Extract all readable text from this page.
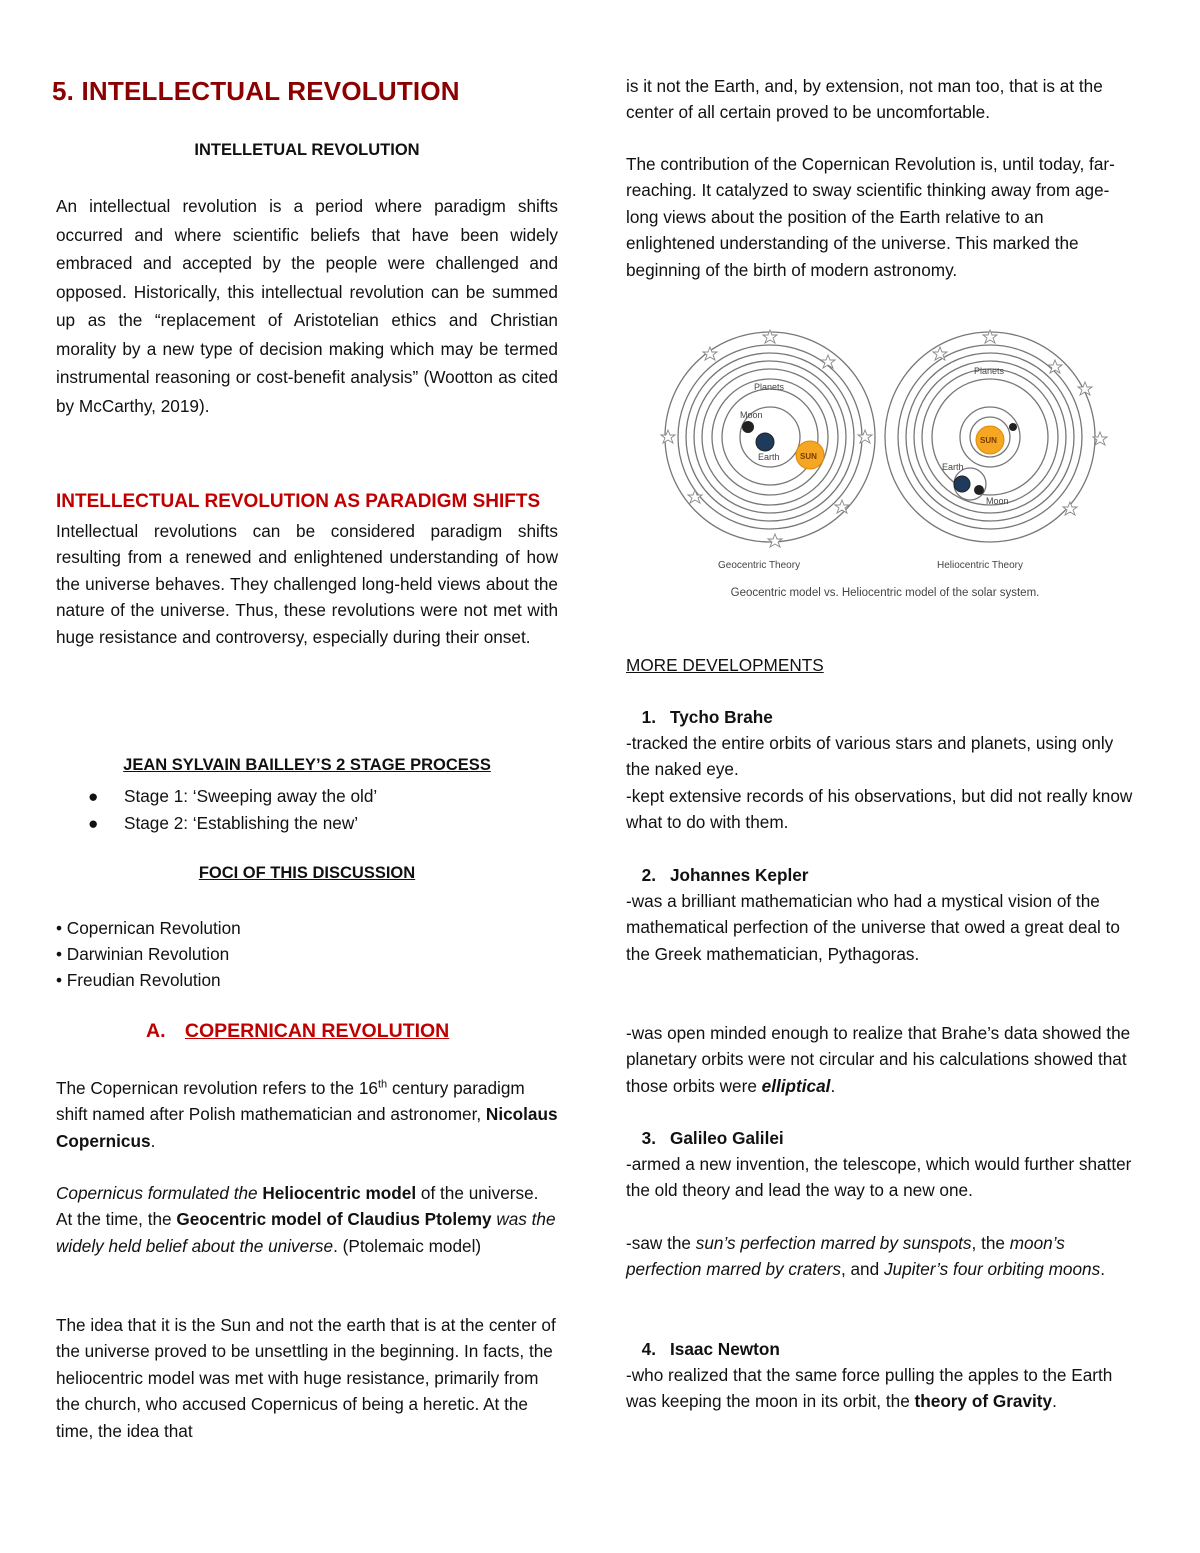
5. INTELLECTUAL REVOLUTION

INTELLETUAL REVOLUTION

An intellectual revolution is a period where paradigm shifts occurred and where scientific beliefs that have been widely embraced and accepted by the people were challenged and opposed. Historically, this intellectual revolution can be summed up as the “replacement of Aristotelian ethics and Christian morality by a new type of decision making which may be termed instrumental reasoning or cost-benefit analysis” (Wootton as cited by McCarthy, 2019).

INTELLECTUAL REVOLUTION AS PARADIGM SHIFTS

Intellectual revolutions can be considered paradigm shifts resulting from a renewed and enlightened understanding of how the universe behaves. They challenged long-held views about the nature of the universe. Thus, these revolutions were not met with huge resistance and controversy, especially during their onset.

JEAN SYLVAIN BAILLEY’S 2 STAGE PROCESS

● Stage 1: ‘Sweeping away the old’
● Stage 2: ‘Establishing the new’

FOCI OF THIS DISCUSSION

• Copernican Revolution

• Darwinian Revolution

• Freudian Revolution

A. COPERNICAN REVOLUTION

The Copernican revolution refers to the 16th century paradigm shift named after Polish mathematician and astronomer, Nicolaus Copernicus.

Copernicus formulated the Heliocentric model of the universe. At the time, the Geocentric model of Claudius Ptolemy was the widely held belief about the universe. (Ptolemaic model)

The idea that it is the Sun and not the earth that is at the center of the universe proved to be unsettling in the beginning. In facts, the heliocentric model was met with huge resistance, primarily from the church, who accused Copernicus of being a heretic. At the time, the idea that

is it not the Earth, and, by extension, not man too, that is at the center of all certain proved to be uncomfortable.

The contribution of the Copernican Revolution is, until today, far-reaching. It catalyzed to sway scientific thinking away from age-long views about the position of the Earth relative to an enlightened understanding of the universe. This marked the beginning of the birth of modern astronomy.

Planets
Moon
Earth	SUN
Geocentric Theory
Planets
Earth
Moon
SUN
Heliocentric Theory
Geocentric model vs. Heliocentric model of the solar system.

MORE DEVELOPMENTS

1. Tycho Brahe

-tracked the entire orbits of various stars and planets, using only the naked eye.

-kept extensive records of his observations, but did not really know what to do with them.

2. Johannes Kepler

-was a brilliant mathematician who had a mystical vision of the mathematical perfection of the universe that owed a great deal to the Greek mathematician, Pythagoras.

-was open minded enough to realize that Brahe’s data showed the planetary orbits were not circular and his calculations showed that those orbits were elliptical.

3. Galileo Galilei

-armed a new invention, the telescope, which would further shatter the old theory and lead the way to a new one.

-saw the sun’s perfection marred by sunspots, the moon’s perfection marred by craters, and Jupiter’s four orbiting moons.

4. Isaac Newton

-who realized that the same force pulling the apples to the Earth was keeping the moon in its orbit, the theory of Gravity.
